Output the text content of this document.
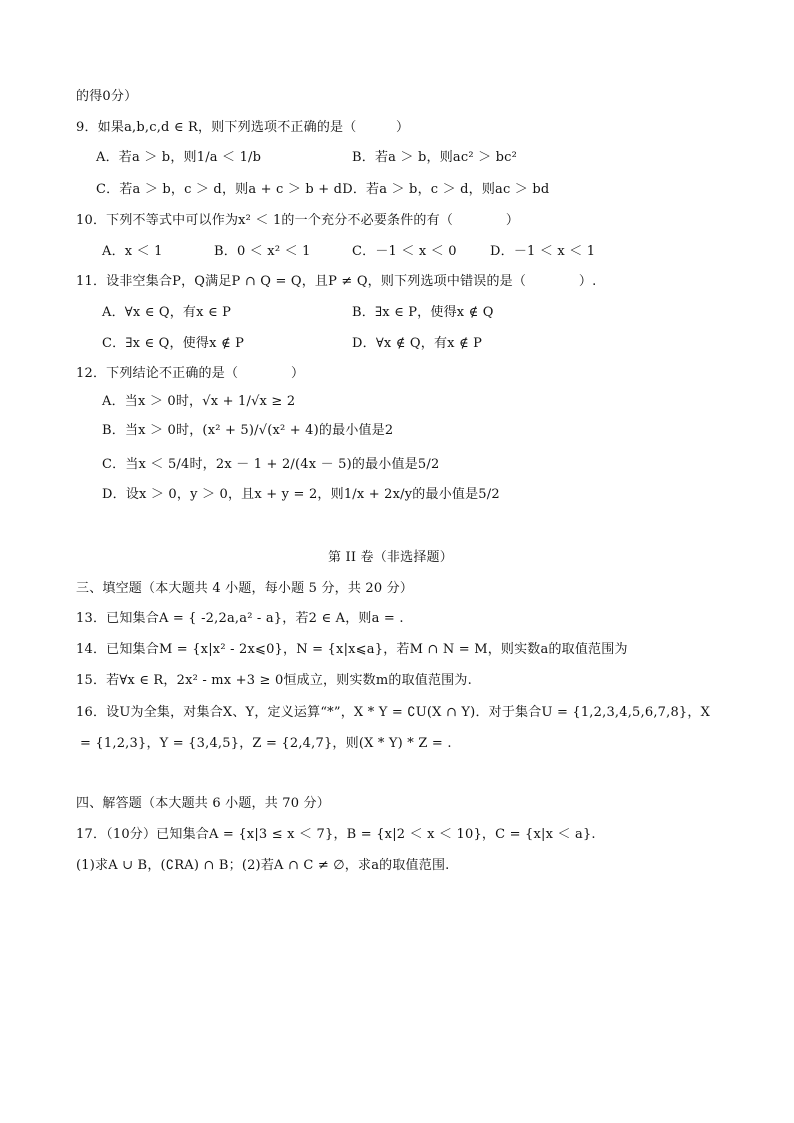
的得0分）
9．如果a,b,c,d ∈ R，则下列选项不正确的是（　　　）
A．若a ＞ b，则1/a ＜ 1/b	B．若a ＞ b，则ac² ＞ bc²
C．若a ＞ b，c ＞ d，则a + c ＞ b + dD．若a ＞ b，c ＞ d，则ac ＞ bd
10．下列不等式中可以作为x² ＜ 1的一个充分不必要条件的有（　　　　）
A．x ＜ 1	B．0 ＜ x² ＜ 1	C．－1 ＜ x ＜ 0	D．－1 ＜ x ＜ 1
11．设非空集合P，Q满足P ∩ Q = Q，且P ≠ Q，则下列选项中错误的是（　　　　）.
A．∀x ∈ Q，有x ∈ P	B．∃x ∈ P，使得x ∉ Q
C．∃x ∈ Q，使得x ∉ P	D．∀x ∉ Q，有x ∉ P
12．下列结论不正确的是（　　　　）
A．当x ＞ 0时，√x + 1/√x ≥ 2
B．当x ＞ 0时，(x² + 5)/√(x² + 4)的最小值是2
C．当x ＜ 5/4时，2x － 1 + 2/(4x － 5)的最小值是5/2
D．设x ＞ 0，y ＞ 0，且x + y = 2，则1/x + 2x/y的最小值是5/2
第 II 卷（非选择题）
三、填空题（本大题共 4 小题，每小题 5 分，共 20 分）
13．已知集合A = { -2,2a,a² - a}，若2 ∈ A，则a = .
14．已知集合M = {x|x² - 2x⩽0}，N = {x|x⩽a}，若M ∩ N = M，则实数a的取值范围为
15．若∀x ∈ R，2x² - mx +3 ≥ 0恒成立，则实数m的取值范围为.
16．设U为全集，对集合X、Y，定义运算“*”，X * Y = ∁U(X ∩ Y)．对于集合U = {1,2,3,4,5,6,7,8}，X
= {1,2,3}，Y = {3,4,5}，Z = {2,4,7}，则(X * Y) * Z = .
四、解答题（本大题共 6 小题，共 70 分）
17．（10分）已知集合A = {x|3 ≤ x ＜ 7}，B = {x|2 ＜ x ＜ 10}，C = {x|x ＜ a}.
(1)求A ∪ B，(∁RA) ∩ B；(2)若A ∩ C ≠ ∅，求a的取值范围.
